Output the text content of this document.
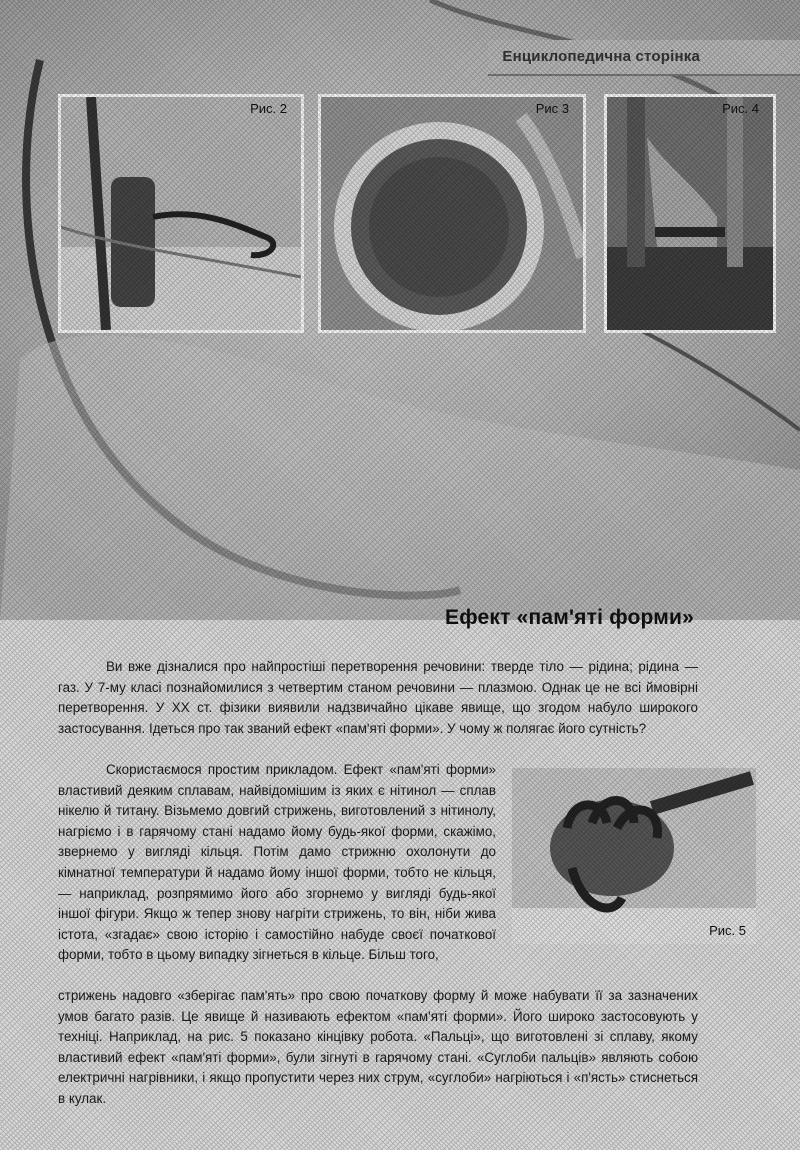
Енциклопедична сторінка
Рис. 2	Рис 3	Рис. 4
Ефект «пам'яті форми»

Ви вже дізналися про найпростіші перетворення речовини: тверде тіло — рідина; рідина — газ. У 7-му класі познайомилися з четвертим станом речовини — плазмою. Однак це не всі ймовірні перетворення. У XX ст. фізики виявили надзвичайно цікаве явище, що згодом набуло широкого застосування. Ідеться про так званий ефект «пам'яті форми». У чому ж полягає його сутність?

Скористаємося простим прикладом. Ефект «пам'яті форми» властивий деяким сплавам, найвідомішим із яких є нітинол — сплав нікелю й титану. Візьмемо довгий стрижень, виготовлений з нітинолу, нагріємо і в гарячому стані надамо йому будь-якої форми, скажімо, звернемо у вигляді кільця. Потім дамо стрижню охолонути до кімнатної температури й надамо йому іншої форми, тобто не кільця, — наприклад, розпрямимо його або згорнемо у вигляді будь-якої іншої фігури. Якщо ж тепер знову нагріти стрижень, то він, ніби жива істота, «згадає» свою історію і самостійно набуде своєї початкової форми, тобто в цьому випадку зігнеться в кільце. Більш того,

Рис. 5

стрижень надовго «зберігає пам'ять» про свою початкову форму й може набувати її за зазначених умов багато разів. Це явище й називають ефектом «пам'яті форми». Його широко застосовують у техніці. Наприклад, на рис. 5 показано кінцівку робота. «Пальці», що виготовлені зі сплаву, якому властивий ефект «пам'яті форми», були зігнуті в гарячому стані. «Суглоби пальців» являють собою електричні нагрівники, і якщо пропустити через них струм, «суглоби» нагріються і «п'ясть» стиснеться в кулак.
